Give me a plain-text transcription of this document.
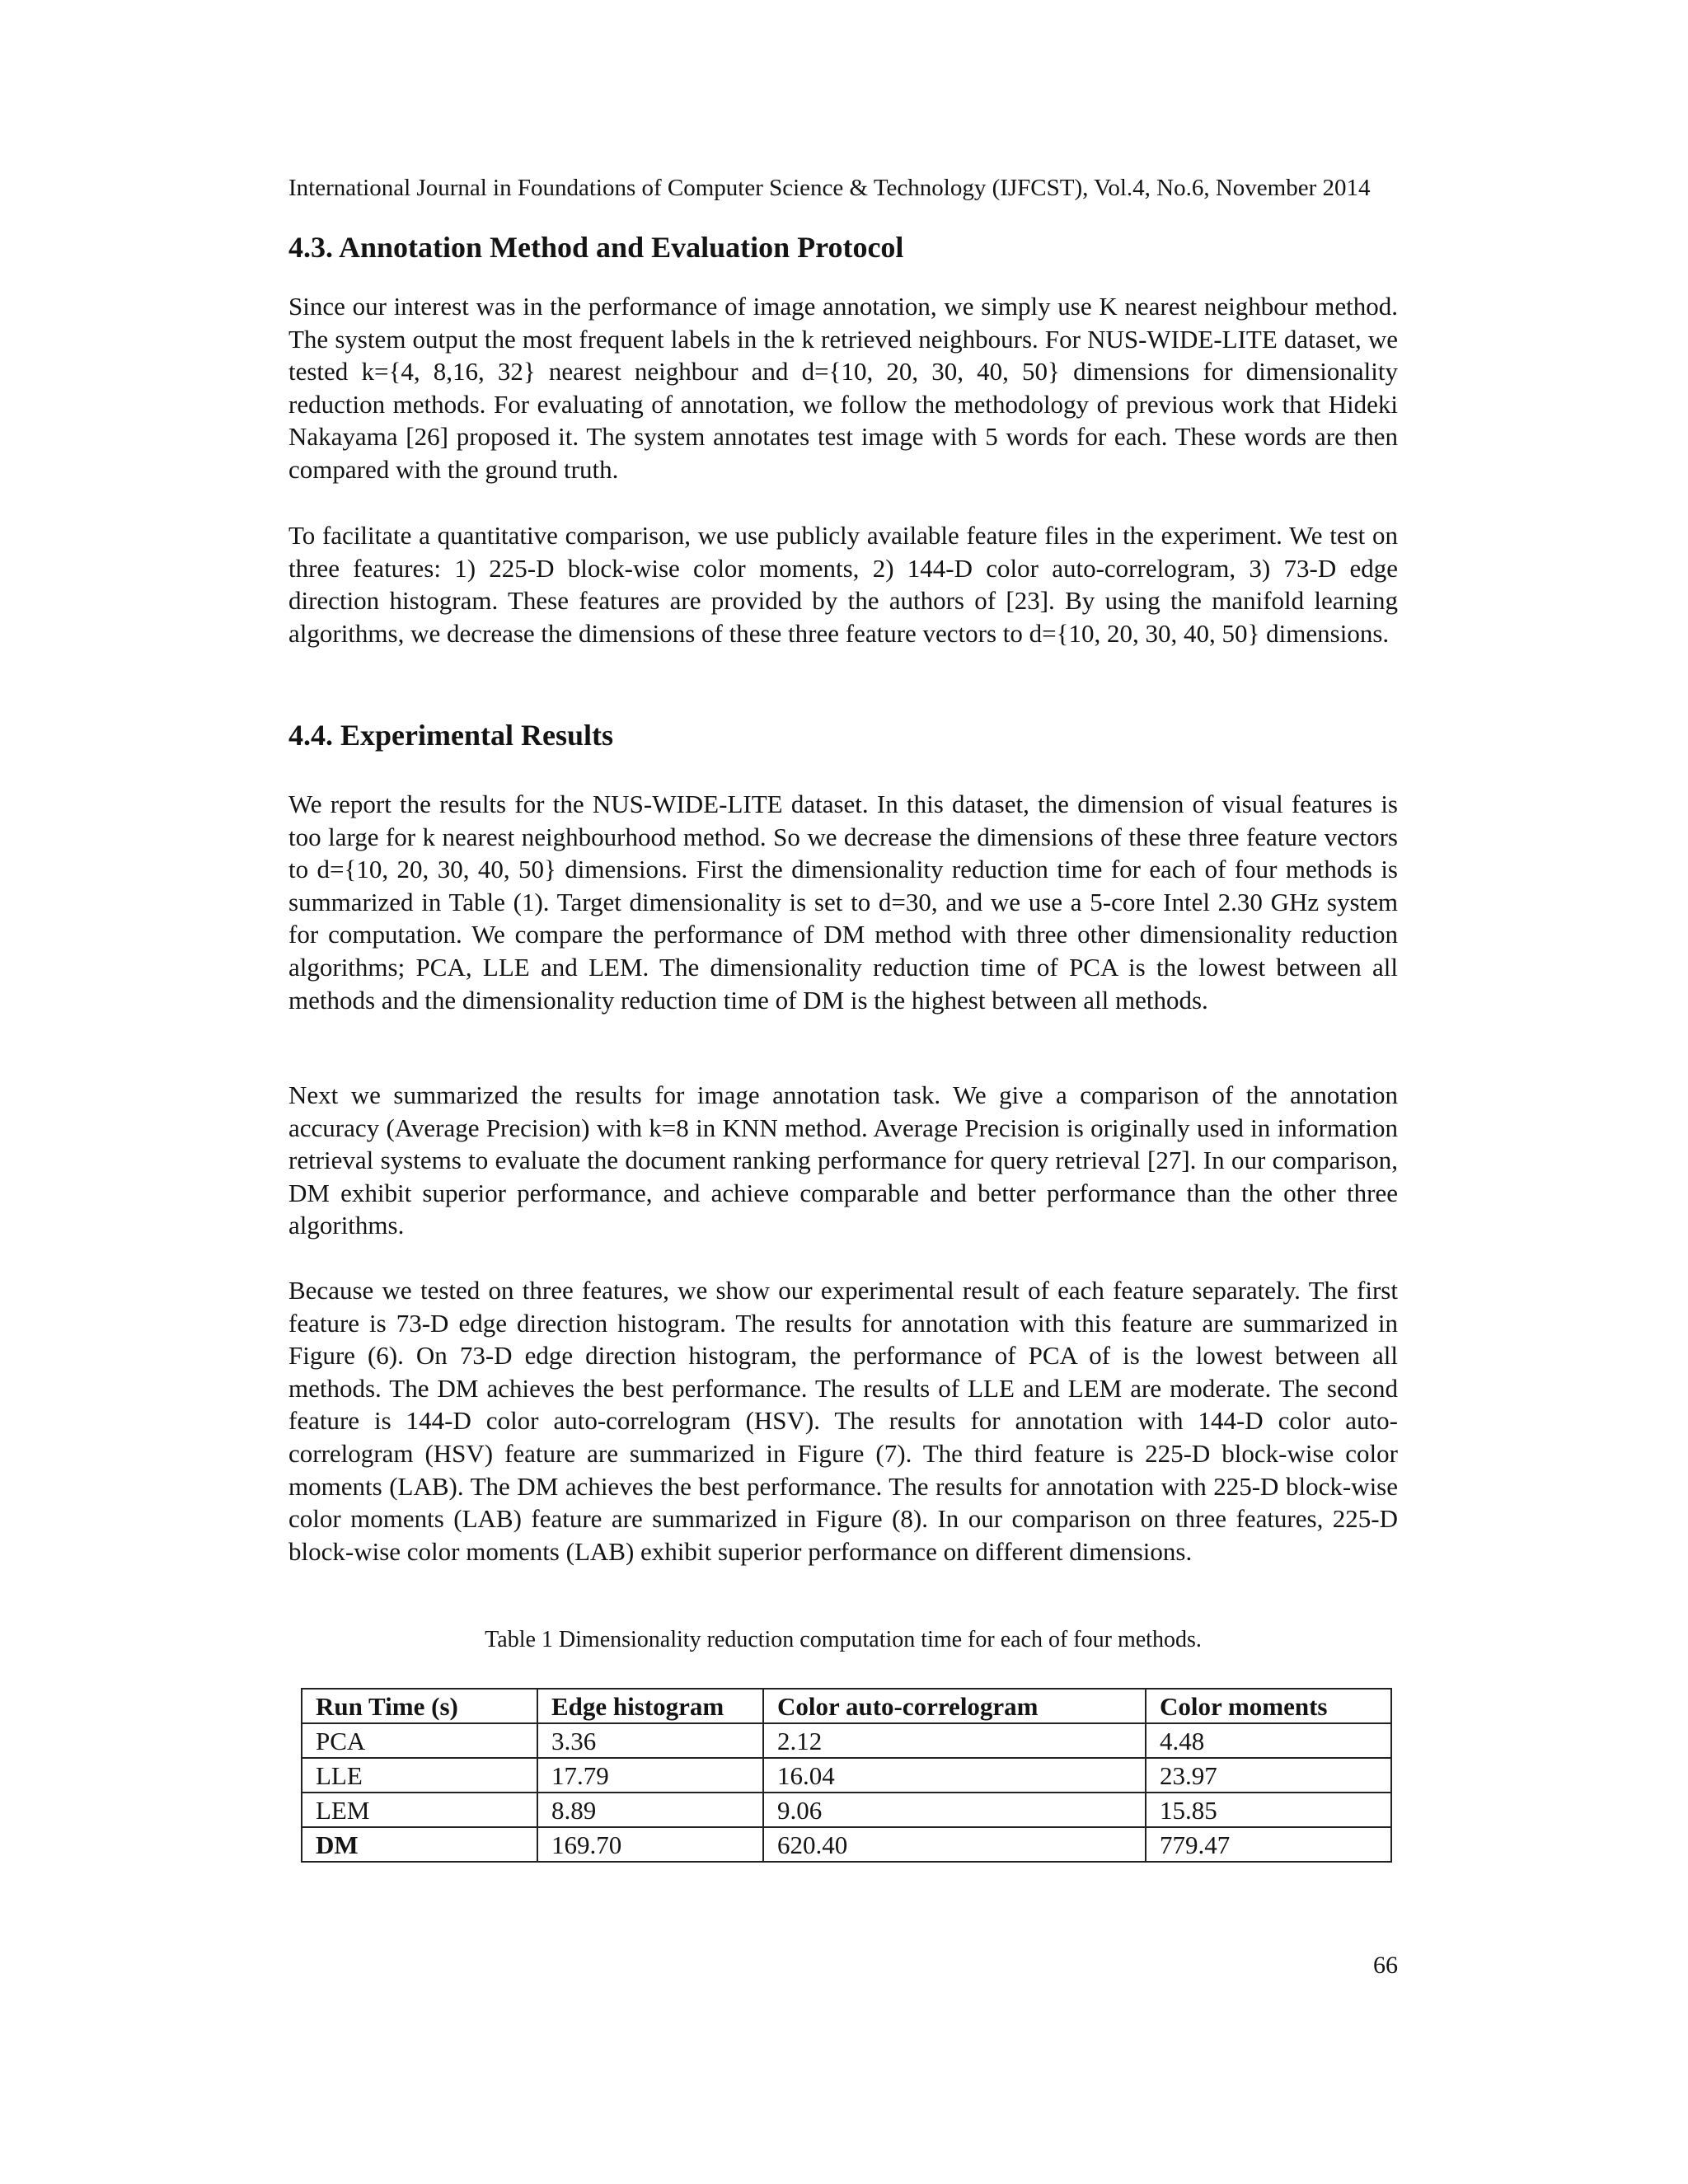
International Journal in Foundations of Computer Science & Technology (IJFCST), Vol.4, No.6, November 2014
4.3. Annotation Method and Evaluation Protocol

Since our interest was in the performance of image annotation, we simply use K nearest neighbour method. The system output the most frequent labels in the k retrieved neighbours. For NUS-WIDE-LITE dataset, we tested k={4, 8,16, 32} nearest neighbour and d={10, 20, 30, 40, 50} dimensions for dimensionality reduction methods. For evaluating of annotation, we follow the methodology of previous work that Hideki Nakayama [26] proposed it. The system annotates test image with 5 words for each. These words are then compared with the ground truth.

To facilitate a quantitative comparison, we use publicly available feature files in the experiment. We test on three features: 1) 225-D block-wise color moments, 2) 144-D color auto-correlogram, 3) 73-D edge direction histogram. These features are provided by the authors of [23]. By using the manifold learning algorithms, we decrease the dimensions of these three feature vectors to d={10, 20, 30, 40, 50} dimensions.

4.4. Experimental Results

We report the results for the NUS-WIDE-LITE dataset. In this dataset, the dimension of visual features is too large for k nearest neighbourhood method. So we decrease the dimensions of these three feature vectors to d={10, 20, 30, 40, 50} dimensions. First the dimensionality reduction time for each of four methods is summarized in Table (1). Target dimensionality is set to d=30, and we use a 5-core Intel 2.30 GHz system for computation. We compare the performance of DM method with three other dimensionality reduction algorithms; PCA, LLE and LEM. The dimensionality reduction time of PCA is the lowest between all methods and the dimensionality reduction time of DM is the highest between all methods.

Next we summarized the results for image annotation task. We give a comparison of the annotation accuracy (Average Precision) with k=8 in KNN method. Average Precision is originally used in information retrieval systems to evaluate the document ranking performance for query retrieval [27]. In our comparison, DM exhibit superior performance, and achieve comparable and better performance than the other three algorithms.

Because we tested on three features, we show our experimental result of each feature separately. The first feature is 73-D edge direction histogram. The results for annotation with this feature are summarized in Figure (6). On 73-D edge direction histogram, the performance of PCA of is the lowest between all methods. The DM achieves the best performance. The results of LLE and LEM are moderate. The second feature is 144-D color auto-correlogram (HSV). The results for annotation with 144-D color auto-correlogram (HSV) feature are summarized in Figure (7). The third feature is 225-D block-wise color moments (LAB). The DM achieves the best performance. The results for annotation with 225-D block-wise color moments (LAB) feature are summarized in Figure (8). In our comparison on three features, 225-D block-wise color moments (LAB) exhibit superior performance on different dimensions.

Table 1 Dimensionality reduction computation time for each of four methods.
Run Time (s)	Edge histogram	Color auto-correlogram	Color moments
PCA	3.36	2.12	4.48
LLE	17.79	16.04	23.97
LEM	8.89	9.06	15.85
DM	169.70	620.40	779.47
66
